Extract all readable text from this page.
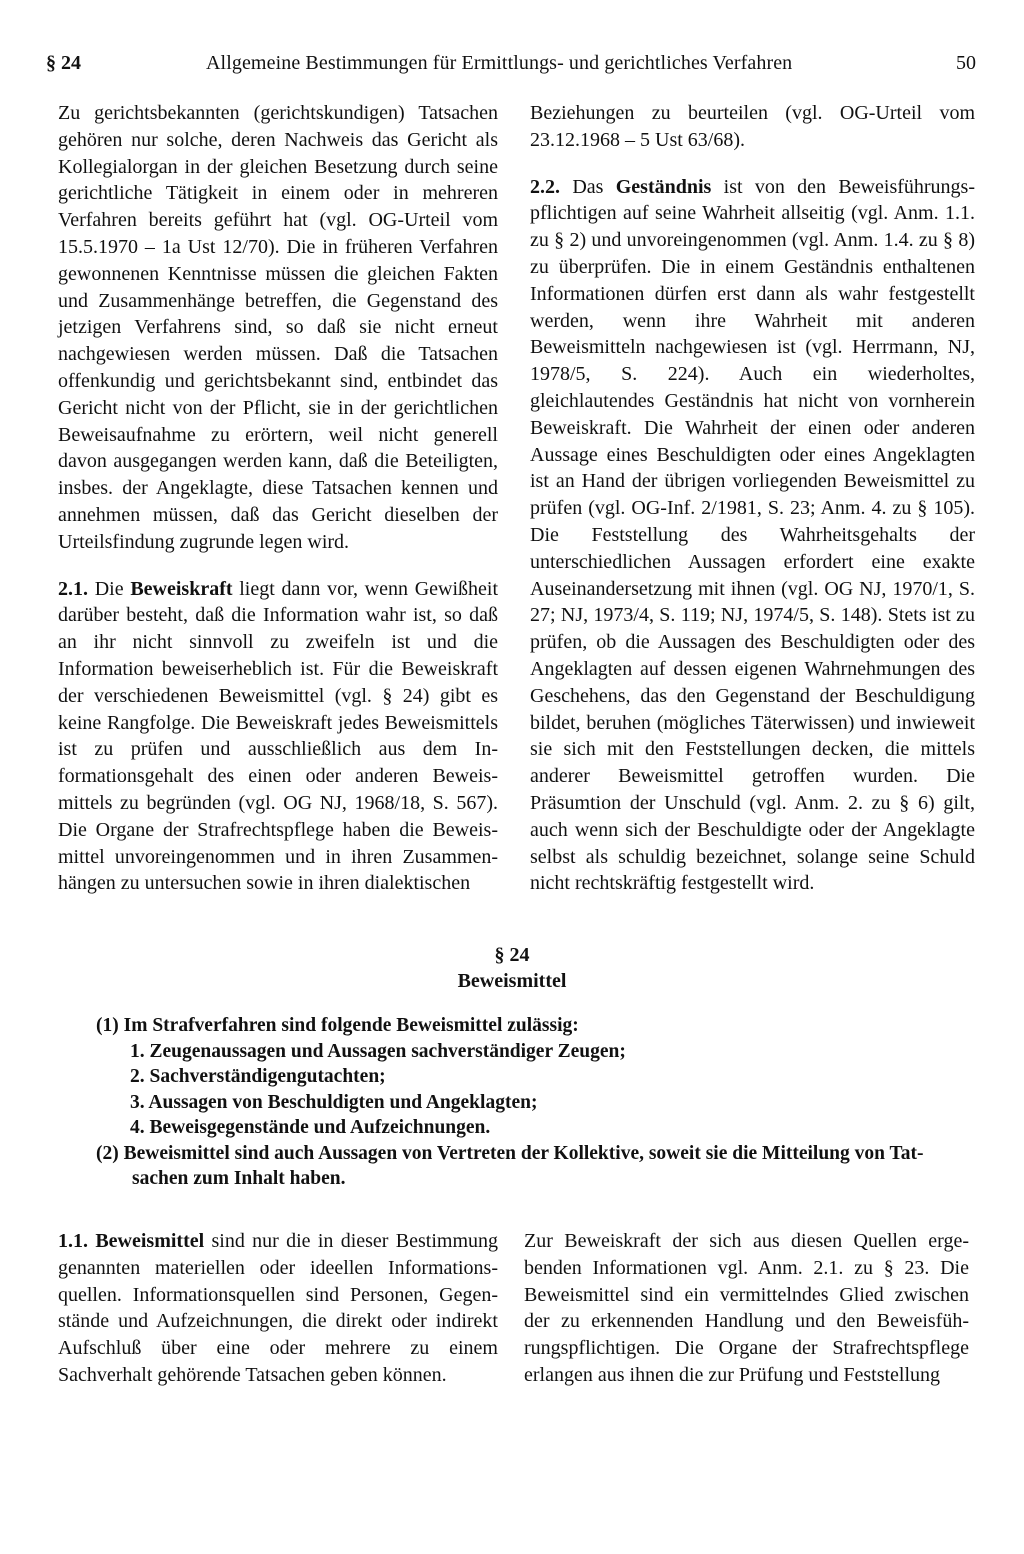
§ 24	Allgemeine Bestimmungen für Ermittlungs- und gerichtliches Verfahren	50

Zu gerichtsbekannten (gerichtskundigen) Tatsachen gehören nur solche, deren Nachweis das Gericht als Kollegialorgan in der gleichen Besetzung durch seine gerichtliche Tätigkeit in einem oder in mehreren Verfahren bereits geführt hat (vgl. OG-Urteil vom 15.5.1970 – 1a Ust 12/70). Die in früheren Verfahren gewonnenen Kenntnisse müssen die gleichen Fakten und Zusammenhänge betreffen, die Gegenstand des jetzigen Verfahrens sind, so daß sie nicht erneut nachgewiesen werden müssen. Daß die Tatsachen offenkundig und gerichtsbekannt sind, entbindet das Gericht nicht von der Pflicht, sie in der gerichtlichen Beweisaufnahme zu erörtern, weil nicht generell davon ausgegangen werden kann, daß die Beteiligten, insbes. der Angeklagte, diese Tatsachen kennen und annehmen müssen, daß das Gericht dieselben der Urteilsfindung zugrunde legen wird.

2.1. Die Beweiskraft liegt dann vor, wenn Gewißheit darüber besteht, daß die Information wahr ist, so daß an ihr nicht sinnvoll zu zweifeln ist und die Information beweiserheblich ist. Für die Beweiskraft der verschiedenen Beweismittel (vgl. § 24) gibt es keine Rangfolge. Die Beweiskraft jedes Beweismittels ist zu prüfen und ausschließlich aus dem Informationsgehalt des einen oder anderen Beweismittels zu begründen (vgl. OG NJ, 1968/18, S. 567). Die Organe der Strafrechtspflege haben die Beweismittel unvoreingenommen und in ihren Zusammenhängen zu untersuchen sowie in ihren dialektischen

Beziehungen zu beurteilen (vgl. OG-Urteil vom 23.12.1968 – 5 Ust 63/68).

2.2. Das Geständnis ist von den Beweisführungspflichtigen auf seine Wahrheit allseitig (vgl. Anm. 1.1. zu § 2) und unvoreingenommen (vgl. Anm. 1.4. zu § 8) zu überprüfen. Die in einem Geständnis enthaltenen Informationen dürfen erst dann als wahr festgestellt werden, wenn ihre Wahrheit mit anderen Beweismitteln nachgewiesen ist (vgl. Herrmann, NJ, 1978/5, S. 224). Auch ein wiederholtes, gleichlautendes Geständnis hat nicht von vornherein Beweiskraft. Die Wahrheit der einen oder anderen Aussage eines Beschuldigten oder eines Angeklagten ist an Hand der übrigen vorliegenden Beweismittel zu prüfen (vgl. OG-Inf. 2/1981, S. 23; Anm. 4. zu § 105). Die Feststellung des Wahrheitsgehalts der unterschiedlichen Aussagen erfordert eine exakte Auseinandersetzung mit ihnen (vgl. OG NJ, 1970/1, S. 27; NJ, 1973/4, S. 119; NJ, 1974/5, S. 148). Stets ist zu prüfen, ob die Aussagen des Beschuldigten oder des Angeklagten auf dessen eigenen Wahrnehmungen des Geschehens, das den Gegenstand der Beschuldigung bildet, beruhen (mögliches Täterwissen) und inwieweit sie sich mit den Feststellungen decken, die mittels anderer Beweismittel getroffen wurden. Die Präsumtion der Unschuld (vgl. Anm. 2. zu § 6) gilt, auch wenn sich der Beschuldigte oder der Angeklagte selbst als schuldig bezeichnet, solange seine Schuld nicht rechtskräftig festgestellt wird.

§ 24
Beweismittel

(1) Im Strafverfahren sind folgende Beweismittel zulässig:

1. Zeugenaussagen und Aussagen sachverständiger Zeugen;
2. Sachverständigengutachten;
3. Aussagen von Beschuldigten und Angeklagten;
4. Beweisgegenstände und Aufzeichnungen.

(2) Beweismittel sind auch Aussagen von Vertreten der Kollektive, soweit sie die Mitteilung von Tat-

sachen zum Inhalt haben.

1.1. Beweismittel sind nur die in dieser Bestimmung genannten materiellen oder ideellen Informationsquellen. Informationsquellen sind Personen, Gegenstände und Aufzeichnungen, die direkt oder indirekt Aufschluß über eine oder mehrere zu einem Sachverhalt gehörende Tatsachen geben können.

Zur Beweiskraft der sich aus diesen Quellen ergebenden Informationen vgl. Anm. 2.1. zu § 23. Die Beweismittel sind ein vermittelndes Glied zwischen der zu erkennenden Handlung und den Beweisführungspflichtigen. Die Organe der Strafrechtspflege erlangen aus ihnen die zur Prüfung und Feststellung
